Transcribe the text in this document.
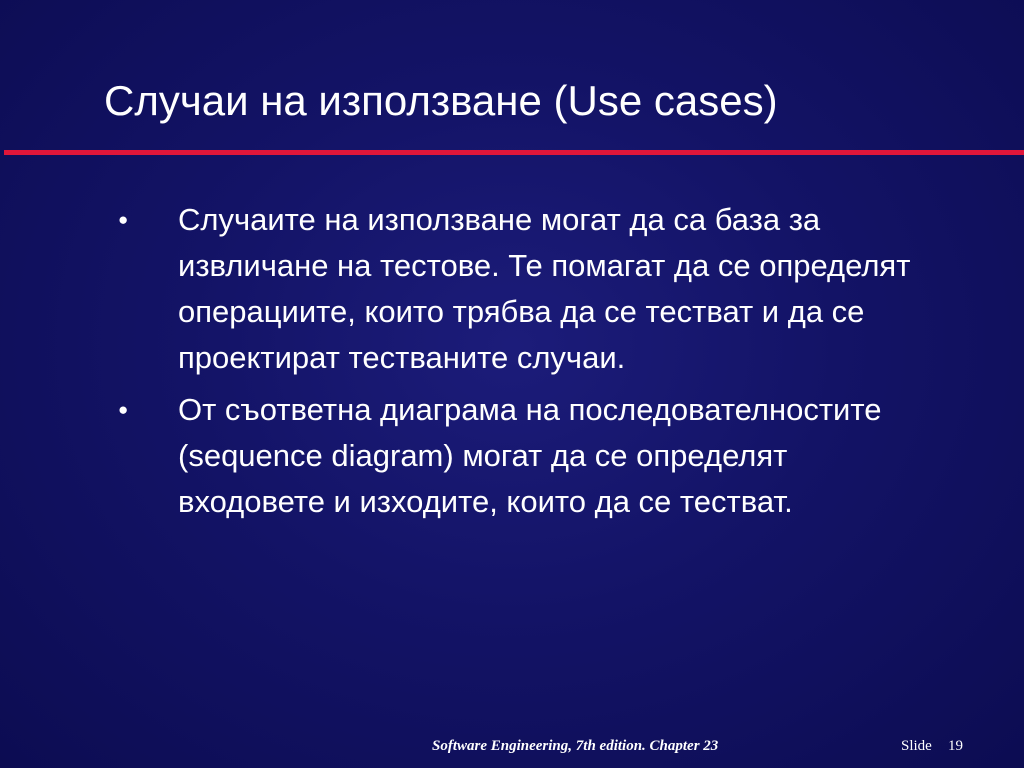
Случаи на използване (Use cases)
● Случаите на използване могат да са база за извличане на тестове. Те помагат да се определят операциите, които трябва да се тестват и да се проектират тестваните случаи.
● От съответна диаграма на последователностите (sequence diagram) могат да се определят входовете и изходите, които да се тестват.
Software Engineering, 7th edition. Chapter 23	Slide 19
